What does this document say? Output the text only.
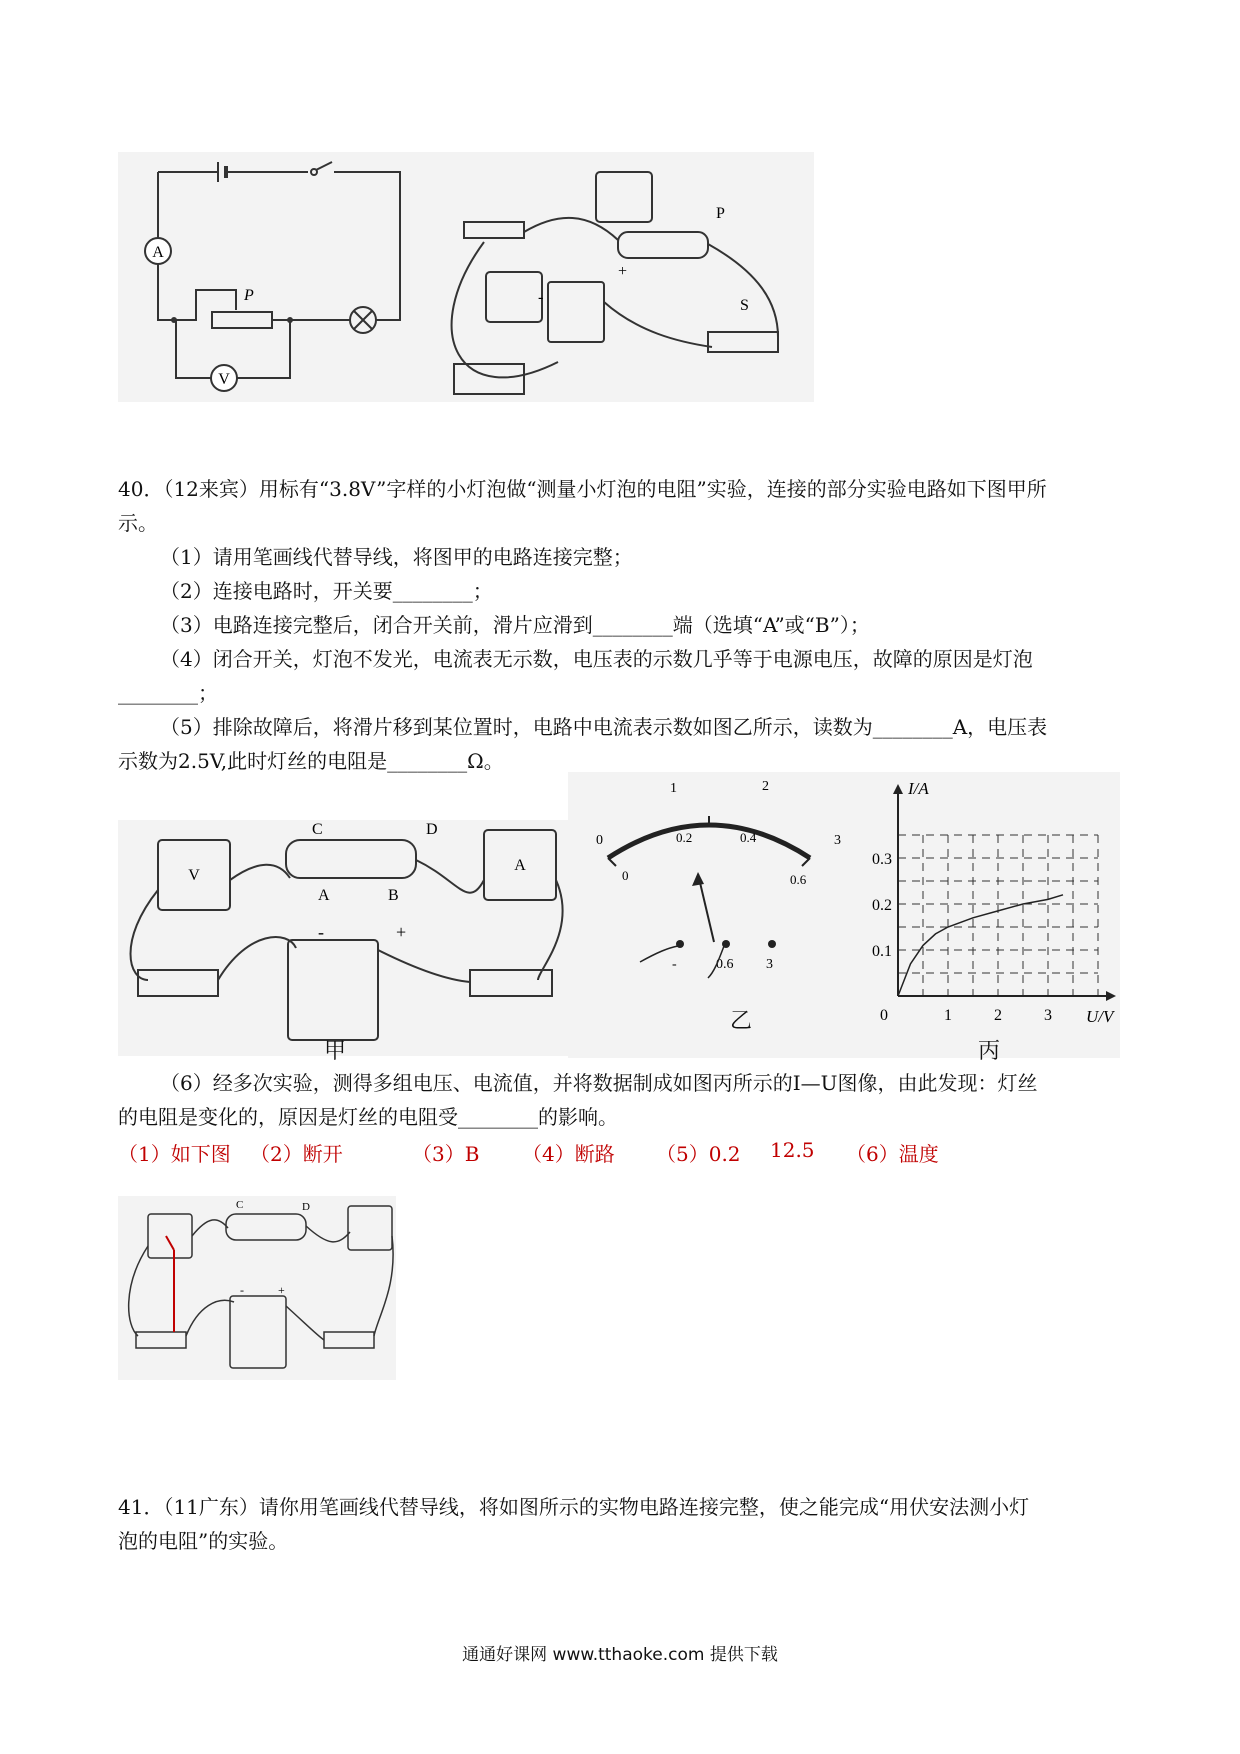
A
V
P
P
S
+
-
40．（12来宾）用标有“3.8V”字样的小灯泡做“测量小灯泡的电阻”实验，连接的部分实验电路如下图甲所
示。
（1）请用笔画线代替导线，将图甲的电路连接完整；
（2）连接电路时，开关要________；
（3）电路连接完整后，闭合开关前，滑片应滑到________端（选填“A”或“B”）；
（4）闭合开关，灯泡不发光，电流表无示数，电压表的示数几乎等于电源电压，故障的原因是灯泡
________；
（5）排除故障后，将滑片移到某位置时，电路中电流表示数如图乙所示，读数为________A，电压表
示数为2.5V,此时灯丝的电阻是________Ω。
V
A
C	D
A	B
-	+
甲
0
1	2
3
0
0.2	0.4
0.6
-	0.6 3
乙
I/A
U/V
0	1	2	3
0.1
0.2
0.3
丙
（6）经多次实验，测得多组电压、电流值，并将数据制成如图丙所示的I—U图像，由此发现：灯丝
的电阻是变化的，原因是灯丝的电阻受________的影响。
（1）如下图 （2）断开	（3）B （4）断路 （5）0.2 12.5 （6）温度
C	D
-	+
41．（11广东）请你用笔画线代替导线，将如图所示的实物电路连接完整，使之能完成“用伏安法测小灯
泡的电阻”的实验。
通通好课网 www.tthaoke.com 提供下载
